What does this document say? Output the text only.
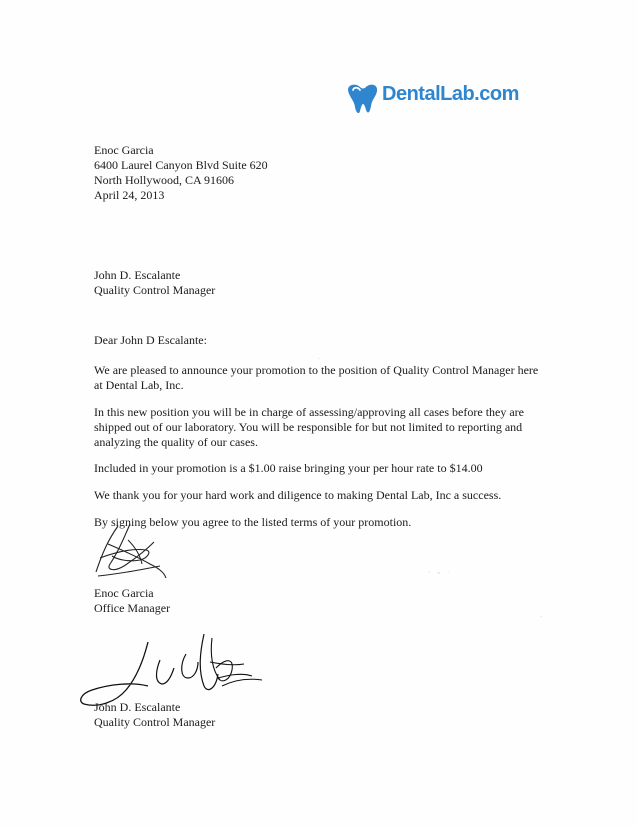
DentalLab.com
Enoc Garcia
6400 Laurel Canyon Blvd Suite 620
North Hollywood, CA 91606
April 24, 2013
John D. Escalante
Quality Control Manager
Dear John D Escalante:
We are pleased to announce your promotion to the position of Quality Control Manager here at Dental Lab, Inc.
In this new position you will be in charge of assessing/approving all cases before they are shipped out of our laboratory. You will be responsible for but not limited to reporting and analyzing the quality of our cases.
Included in your promotion is a $1.00 raise bringing your per hour rate to $14.00
We thank you for your hard work and diligence to making Dental Lab, Inc a success.
By signing below you agree to the listed terms of your promotion.
Enoc Garcia
Office Manager
John D. Escalante
Quality Control Manager
· ∘ ·
·
·
